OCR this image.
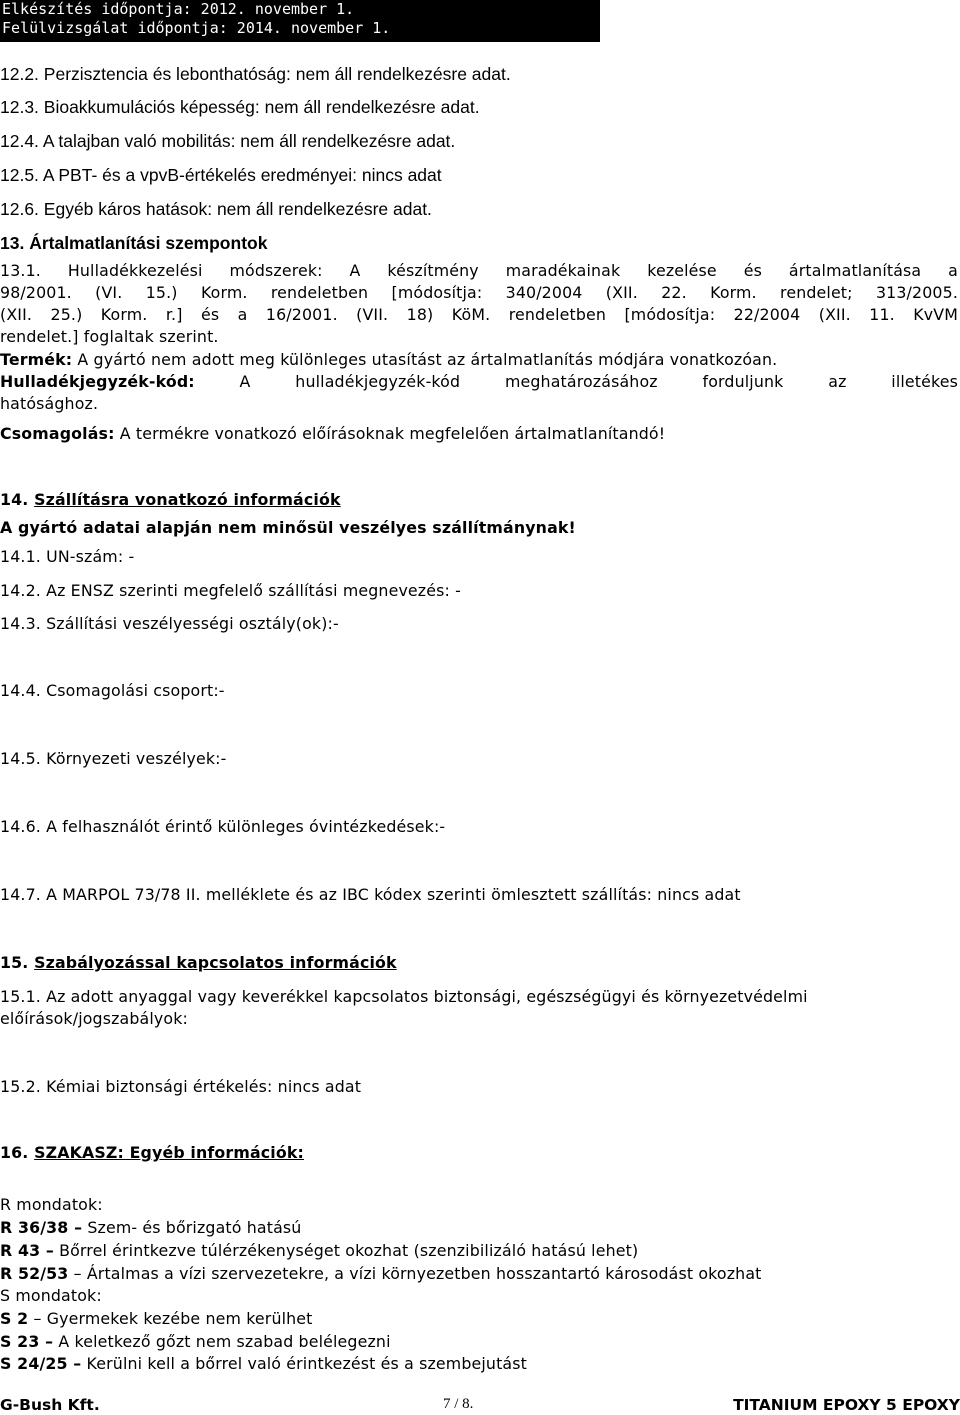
Elkészítés időpontja: 2012. november 1.
Felülvizsgálat időpontja: 2014. november 1.
12.2. Perzisztencia és lebonthatóság: nem áll rendelkezésre adat.
12.3. Bioakkumulációs képesség: nem áll rendelkezésre adat.
12.4. A talajban való mobilitás: nem áll rendelkezésre adat.
12.5. A PBT- és a vpvB-értékelés eredményei: nincs adat
12.6. Egyéb káros hatások: nem áll rendelkezésre adat.
13. Ártalmatlanítási szempontok
13.1. Hulladékkezelési módszerek: A készítmény maradékainak kezelése és ártalmatlanítása a
98/2001. (VI. 15.) Korm. rendeletben [módosítja: 340/2004 (XII. 22. Korm. rendelet; 313/2005.
(XII. 25.) Korm. r.] és a 16/2001. (VII. 18) KöM. rendeletben [módosítja: 22/2004 (XII. 11. KvVM
rendelet.] foglaltak szerint.
Termék: A gyártó nem adott meg különleges utasítást az ártalmatlanítás módjára vonatkozóan.
Hulladékjegyzék-kód: A hulladékjegyzék-kód meghatározásához forduljunk az illetékes
hatósághoz.
Csomagolás: A termékre vonatkozó előírásoknak megfelelően ártalmatlanítandó!
14. Szállításra vonatkozó információk
A gyártó adatai alapján nem minősül veszélyes szállítmánynak!
14.1. UN-szám: -
14.2. Az ENSZ szerinti megfelelő szállítási megnevezés: -
14.3. Szállítási veszélyességi osztály(ok):-
14.4. Csomagolási csoport:-
14.5. Környezeti veszélyek:-
14.6. A felhasználót érintő különleges óvintézkedések:-
14.7. A MARPOL 73/78 II. melléklete és az IBC kódex szerinti ömlesztett szállítás: nincs adat
15. Szabályozással kapcsolatos információk
15.1. Az adott anyaggal vagy keverékkel kapcsolatos biztonsági, egészségügyi és környezetvédelmi
előírások/jogszabályok:
15.2. Kémiai biztonsági értékelés: nincs adat
16. SZAKASZ: Egyéb információk:
R mondatok:
R 36/38 – Szem- és bőrizgató hatású
R 43 – Bőrrel érintkezve túlérzékenységet okozhat (szenzibilizáló hatású lehet)
R 52/53 – Ártalmas a vízi szervezetekre, a vízi környezetben hosszantartó károsodást okozhat
S mondatok:
S 2 – Gyermekek kezébe nem kerülhet
S 23 – A keletkező gőzt nem szabad belélegezni
S 24/25 – Kerülni kell a bőrrel való érintkezést és a szembejutást
G-Bush Kft.	7 / 8.	TITANIUM EPOXY 5 EPOXY
